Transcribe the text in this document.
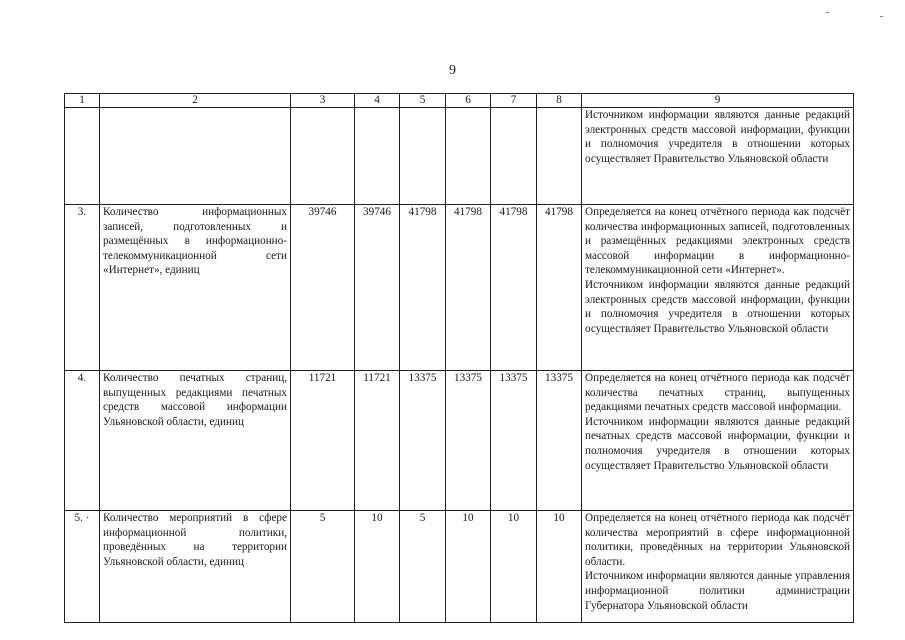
9
1	2	3	4	5	6	7	8	9

								Источником информации являются данные редакций электронных средств массовой информации, функции и полномочия учредителя в отношении которых осуществляет Правительство Ульяновской области

3.	Количество информационных записей, подготовленных и размещённых в информационно-телекоммуникационной сети «Интернет», единиц	39746	39746	41798	41798	41798	41798	Определяется на конец отчётного периода как подсчёт количества информационных записей, подготовленных и размещённых редакциями электронных средств массовой информации в информационно-телекоммуникационной сети «Интернет».

Источником информации являются данные редакций электронных средств массовой информации, функции и полномочия учредителя в отношении которых осуществляет Правительство Ульяновской области

4.	Количество печатных страниц, выпущенных редакциями печатных средств массовой информации Ульяновской области, единиц	11721	11721	13375	13375	13375	13375	Определяется на конец отчётного периода как подсчёт количества печатных страниц, выпущенных редакциями печатных средств массовой информации.

Источником информации являются данные редакций печатных средств массовой информации, функции и полномочия учредителя в отношении которых осуществляет Правительство Ульяновской области

5. ·	Количество мероприятий в сфере информационной политики, проведённых на территории Ульяновской области, единиц	5	10	5	10	10	10	Определяется на конец отчётного периода как подсчёт количества мероприятий в сфере информационной политики, проведённых на территории Ульяновской области.

Источником информации являются данные управления информационной политики администрации Губернатора Ульяновской области
